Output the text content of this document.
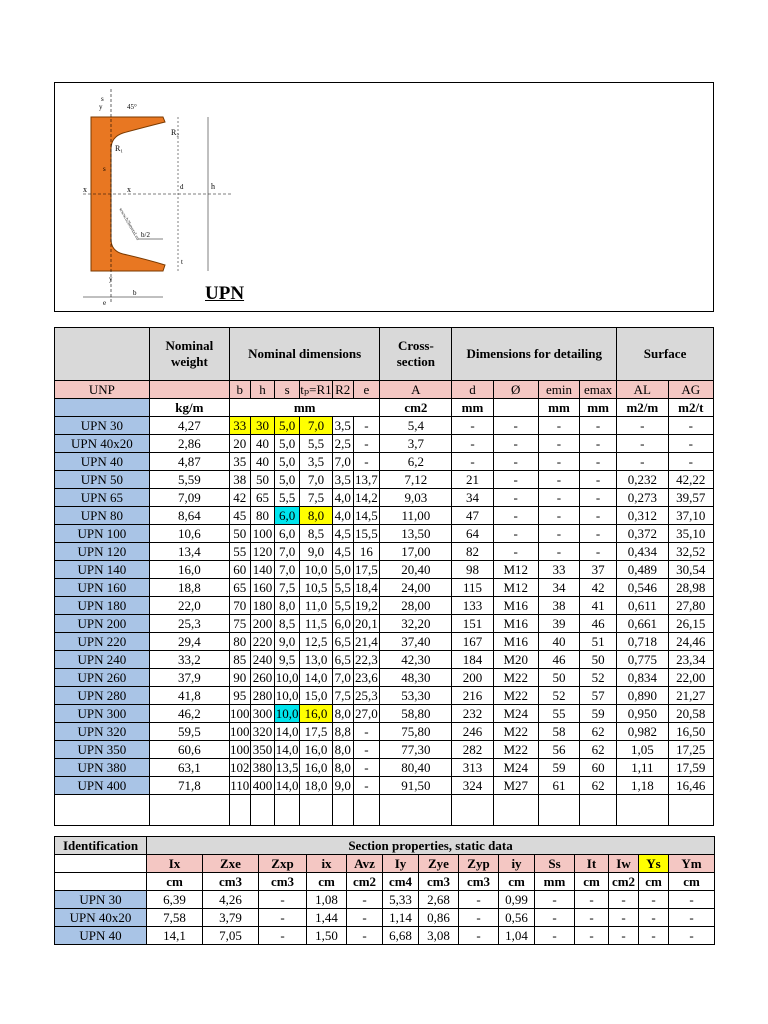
s
y	45°
R₂
R₁
s
x	x	d	h
b/2
t
y
e
b
www.b2bmetal.eu
UPN
	Nominal weight	Nominal dimensions						Cross-section	Dimensions for detailing				Surface	
UNP		b	h	s	tₚ=R1	R2	e	A	d	Ø	emin	emax	AL	AG
	kg/m	mm						cm2	mm		mm	mm	m2/m	m2/t
UPN 30	4,27	33	30	5,0	7,0	3,5	-	5,4	-	-	-	-	-	-
UPN 40x20	2,86	20	40	5,0	5,5	2,5	-	3,7	-	-	-	-	-	-
UPN 40	4,87	35	40	5,0	3,5	7,0	-	6,2	-	-	-	-	-	-
UPN 50	5,59	38	50	5,0	7,0	3,5	13,7	7,12	21	-	-	-	0,232	42,22
UPN 65	7,09	42	65	5,5	7,5	4,0	14,2	9,03	34	-	-	-	0,273	39,57
UPN 80	8,64	45	80	6,0	8,0	4,0	14,5	11,00	47	-	-	-	0,312	37,10
UPN 100	10,6	50	100	6,0	8,5	4,5	15,5	13,50	64	-	-	-	0,372	35,10
UPN 120	13,4	55	120	7,0	9,0	4,5	16	17,00	82	-	-	-	0,434	32,52
UPN 140	16,0	60	140	7,0	10,0	5,0	17,5	20,40	98	M12	33	37	0,489	30,54
UPN 160	18,8	65	160	7,5	10,5	5,5	18,4	24,00	115	M12	34	42	0,546	28,98
UPN 180	22,0	70	180	8,0	11,0	5,5	19,2	28,00	133	M16	38	41	0,611	27,80
UPN 200	25,3	75	200	8,5	11,5	6,0	20,1	32,20	151	M16	39	46	0,661	26,15
UPN 220	29,4	80	220	9,0	12,5	6,5	21,4	37,40	167	M16	40	51	0,718	24,46
UPN 240	33,2	85	240	9,5	13,0	6,5	22,3	42,30	184	M20	46	50	0,775	23,34
UPN 260	37,9	90	260	10,0	14,0	7,0	23,6	48,30	200	M22	50	52	0,834	22,00
UPN 280	41,8	95	280	10,0	15,0	7,5	25,3	53,30	216	M22	52	57	0,890	21,27
UPN 300	46,2	100	300	10,0	16,0	8,0	27,0	58,80	232	M24	55	59	0,950	20,58
UPN 320	59,5	100	320	14,0	17,5	8,8	-	75,80	246	M22	58	62	0,982	16,50
UPN 350	60,6	100	350	14,0	16,0	8,0	-	77,30	282	M22	56	62	1,05	17,25
UPN 380	63,1	102	380	13,5	16,0	8,0	-	80,40	313	M24	59	60	1,11	17,59
UPN 400	71,8	110	400	14,0	18,0	9,0	-	91,50	324	M27	61	62	1,18	16,46

Identification	Section properties, static data													
	Ix	Zxe	Zxp	ix	Avz	Iy	Zye	Zyp	iy	Ss	It	Iw	Ys	Ym
	cm	cm3	cm3	cm	cm2	cm4	cm3	cm3	cm	mm	cm	cm2	cm	cm
UPN 30	6,39	4,26	-	1,08	-	5,33	2,68	-	0,99	-	-	-	-	-
UPN 40x20	7,58	3,79	-	1,44	-	1,14	0,86	-	0,56	-	-	-	-	-
UPN 40	14,1	7,05	-	1,50	-	6,68	3,08	-	1,04	-	-	-	-	-
